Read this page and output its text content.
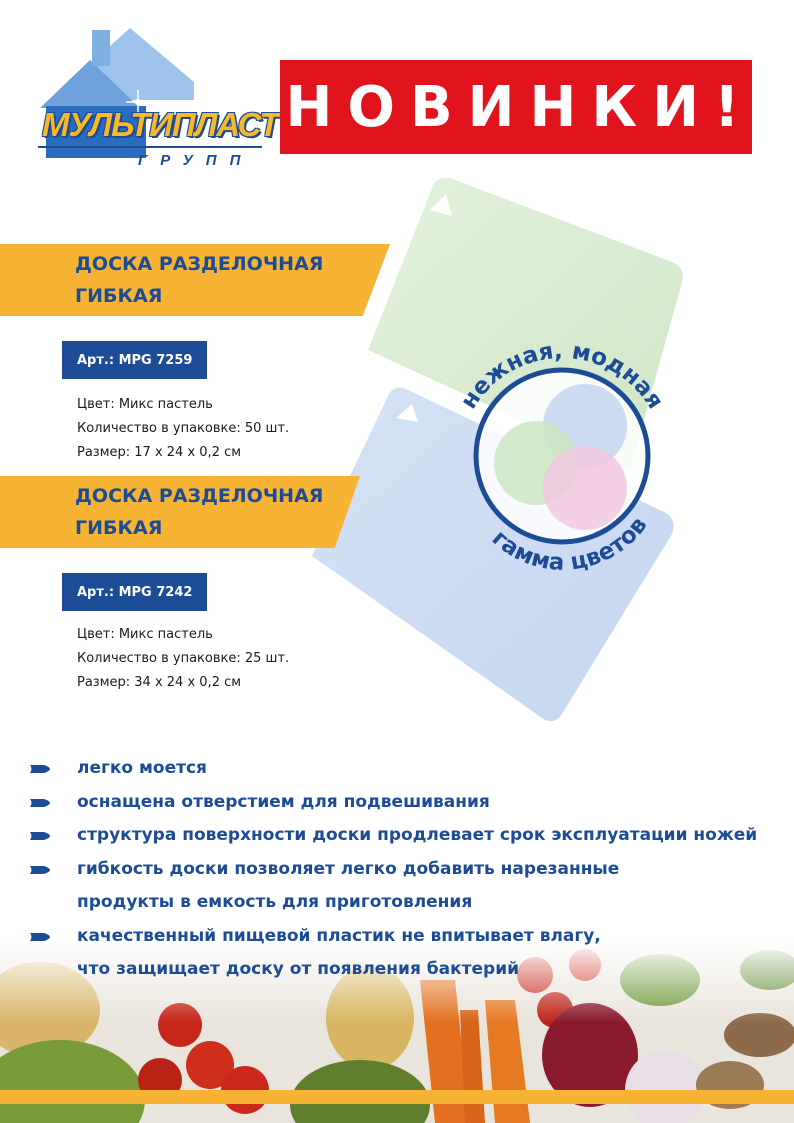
МУЛЬТИПЛАСТ
ГРУПП
НОВИНКИ!
нежная, модная
гамма цветов
ДОСКА РАЗДЕЛОЧНАЯ
ГИБКАЯ
Арт.: MPG 7259
Цвет: Микс пастель
Количество в упаковке: 50 шт.
Размер: 17 х 24 х 0,2 см
ДОСКА РАЗДЕЛОЧНАЯ
ГИБКАЯ
Арт.: MPG 7242
Цвет: Микс пастель
Количество в упаковке: 25 шт.
Размер: 34 х 24 х 0,2 см
легко моется
оснащена отверстием для подвешивания
структура поверхности доски продлевает срок эксплуатации ножей
гибкость доски позволяет легко добавить нарезанные
продукты в емкость для приготовления
качественный пищевой пластик не впитывает влагу,
что защищает доску от появления бактерий
